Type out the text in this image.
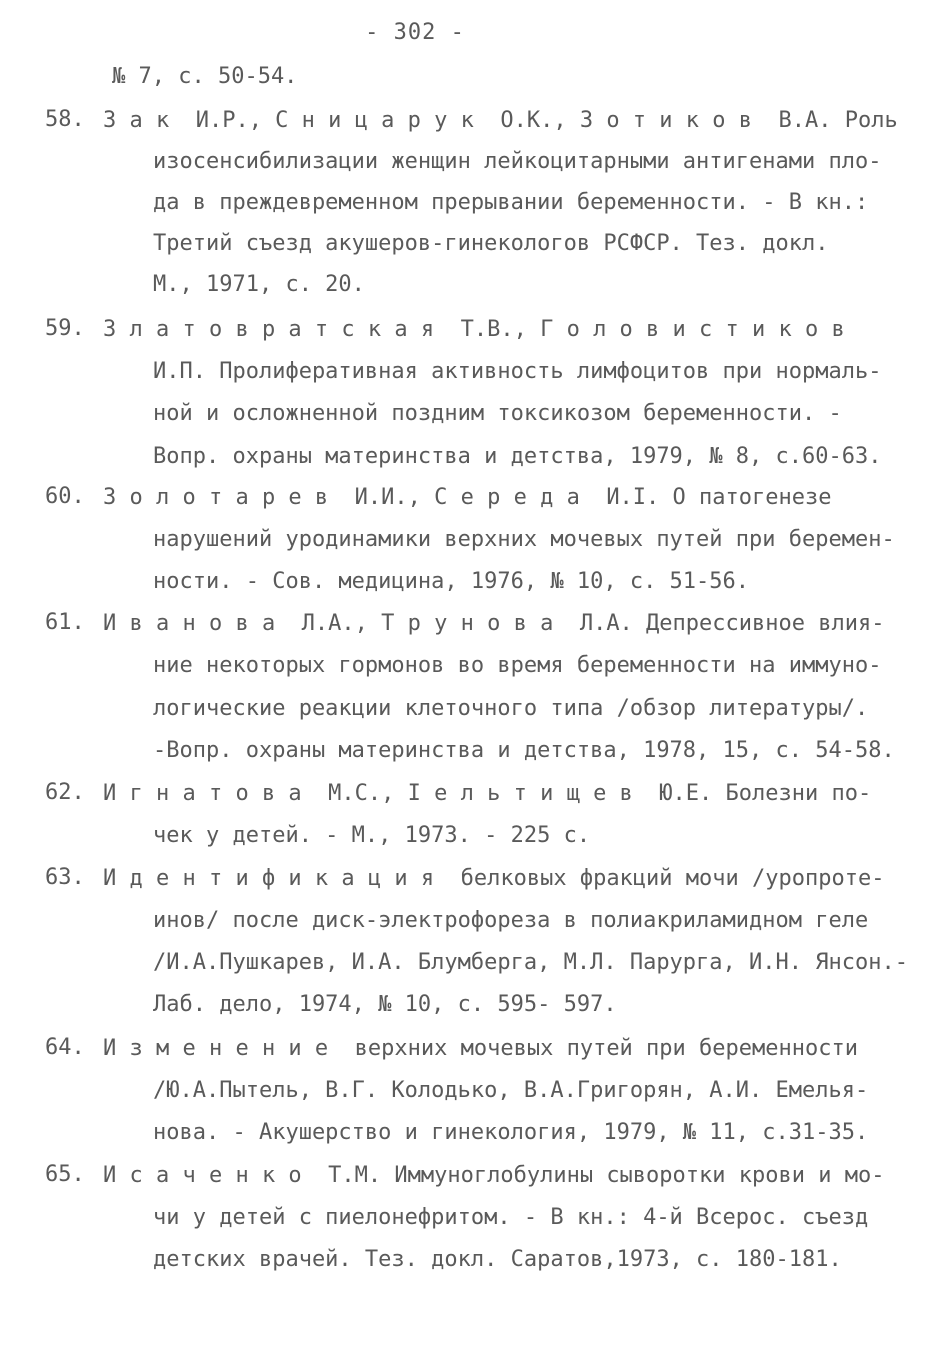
- 302 -
№ 7, с. 50-54.
58. З а к  И.Р., С н и ц а р у к  О.К., З о т и к о в  В.А. Роль
изосенсибилизации женщин лейкоцитарными антигенами пло-
да в преждевременном прерывании беременности. - В кн.:
Третий съезд акушеров-гинекологов РСФСР. Тез. докл.
М., 1971, с. 20.
59. З л а т о в р а т с к а я  Т.В., Г о л о в и с т и к о в
И.П. Пролиферативная активность лимфоцитов при нормаль-
ной и осложненной поздним токсикозом беременности. -
Вопр. охраны материнства и детства, 1979, № 8, с.60-63.
60. З о л о т а р е в  И.И., С е р е д а  И.І. О патогенезе
нарушений уродинамики верхних мочевых путей при беремен-
ности. - Сов. медицина, 1976, № 10, с. 51-56.
61. И в а н о в а  Л.А., Т р у н о в а  Л.А. Депрессивное влия-
ние некоторых гормонов во время беременности на иммуно-
логические реакции клеточного типа /обзор литературы/.
-Вопр. охраны материнства и детства, 1978, 15, с. 54-58.
62. И г н а т о в а  М.С., І е л ь т и щ е в  Ю.Е. Болезни по-
чек у детей. - М., 1973. - 225 с.
63. И д е н т и ф и к а ц и я  белковых фракций мочи /уропроте-
инов/ после диск-электрофореза в полиакриламидном геле
/И.А.Пушкарев, И.А. Блумберга, М.Л. Парурга, И.Н. Янсон.-
Лаб. дело, 1974, № 10, с. 595- 597.
64. И з м е н е н и е  верхних мочевых путей при беременности
/Ю.А.Пытель, В.Г. Колодько, В.А.Григорян, А.И. Емелья-
нова. - Акушерство и гинекология, 1979, № 11, с.31-35.
65. И с а ч е н к о  Т.М. Иммуноглобулины сыворотки крови и мо-
чи у детей с пиелонефритом. - В кн.: 4-й Всерос. съезд
детских врачей. Тез. докл. Саратов,1973, с. 180-181.
